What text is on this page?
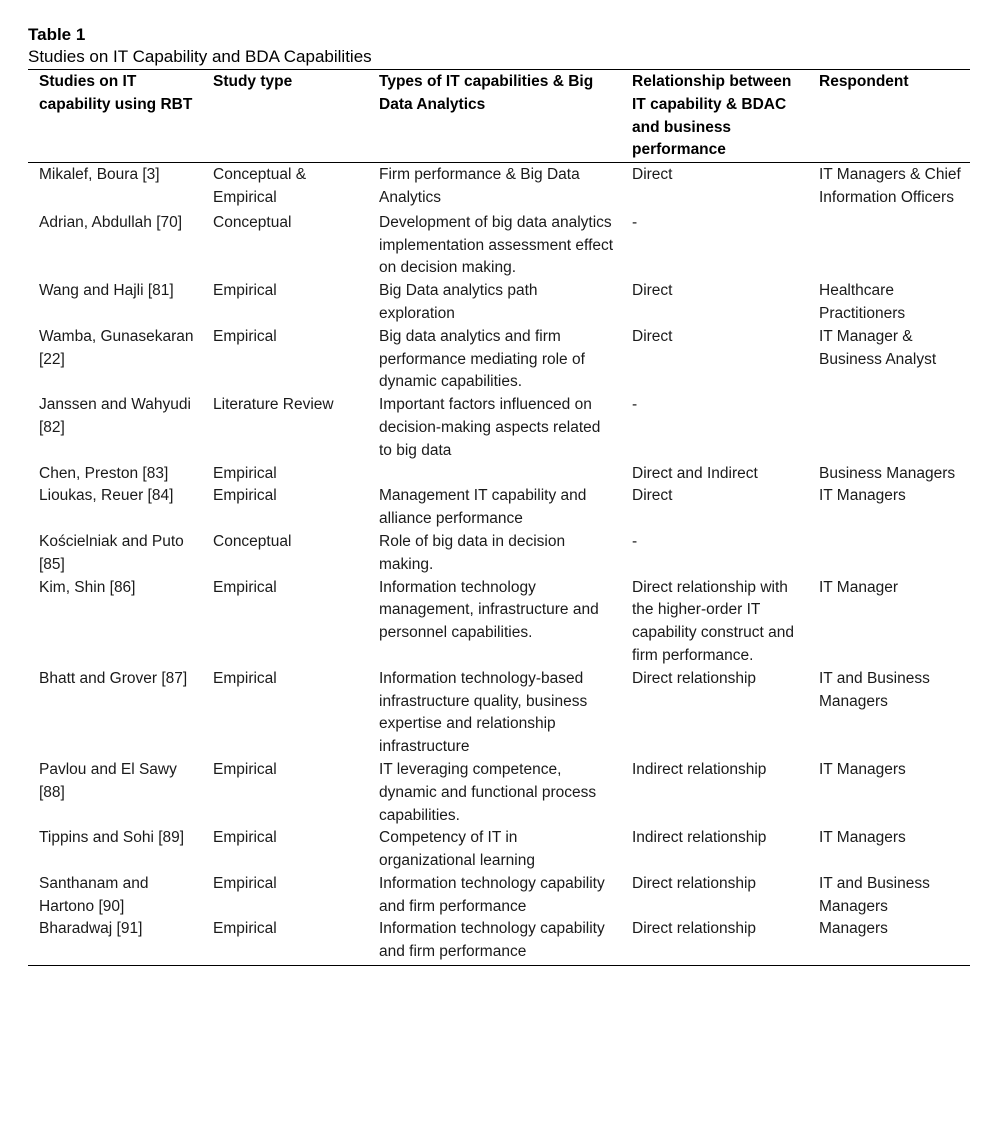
Table 1

Studies on IT Capability and BDA Capabilities

Studies on IT capability using RBT	Study type	Types of IT capabilities & Big Data Analytics	Relationship between IT capability & BDAC and business performance	Respondent
Mikalef, Boura [3]	Conceptual & Empirical	Firm performance & Big Data Analytics	Direct	IT Managers & Chief Information Officers
Adrian, Abdullah [70]	Conceptual	Development of big data analytics implementation assessment effect on decision making.	-	
Wang and Hajli [81]	Empirical	Big Data analytics path exploration	Direct	Healthcare Practitioners
Wamba, Gunasekaran [22]	Empirical	Big data analytics and firm performance mediating role of dynamic capabilities.	Direct	IT Manager & Business Analyst
Janssen and Wahyudi [82]	Literature Review	Important factors influenced on decision-making aspects related to big data	-	
Chen, Preston [83]	Empirical		Direct and Indirect	Business Managers
Lioukas, Reuer [84]	Empirical	Management IT capability and alliance performance	Direct	IT Managers
Kościelniak and Puto [85]	Conceptual	Role of big data in decision making.	-	
Kim, Shin [86]	Empirical	Information technology management, infrastructure and personnel capabilities.	Direct relationship with the higher-order IT capability construct and firm performance.	IT Manager
Bhatt and Grover [87]	Empirical	Information technology-based infrastructure quality, business expertise and relationship infrastructure	Direct relationship	IT and Business Managers
Pavlou and El Sawy [88]	Empirical	IT leveraging competence, dynamic and functional process capabilities.	Indirect relationship	IT Managers
Tippins and Sohi [89]	Empirical	Competency of IT in organizational learning	Indirect relationship	IT Managers
Santhanam and Hartono [90]	Empirical	Information technology capability and firm performance	Direct relationship	IT and Business Managers
Bharadwaj [91]	Empirical	Information technology capability and firm performance	Direct relationship	Managers
